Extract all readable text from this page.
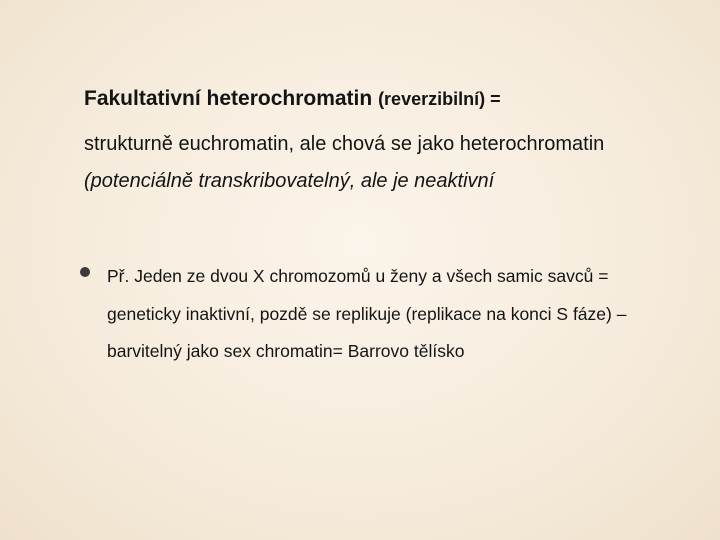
Fakultativní heterochromatin (reverzibilní) =
strukturně euchromatin, ale chová se jako heterochromatin (potenciálně transkribovatelný, ale je neaktivní
Př. Jeden ze dvou X chromozomů u ženy a všech samic savců = geneticky inaktivní, pozdě se replikuje (replikace na konci S fáze) – barvitelný jako sex chromatin= Barrovo tělísko
